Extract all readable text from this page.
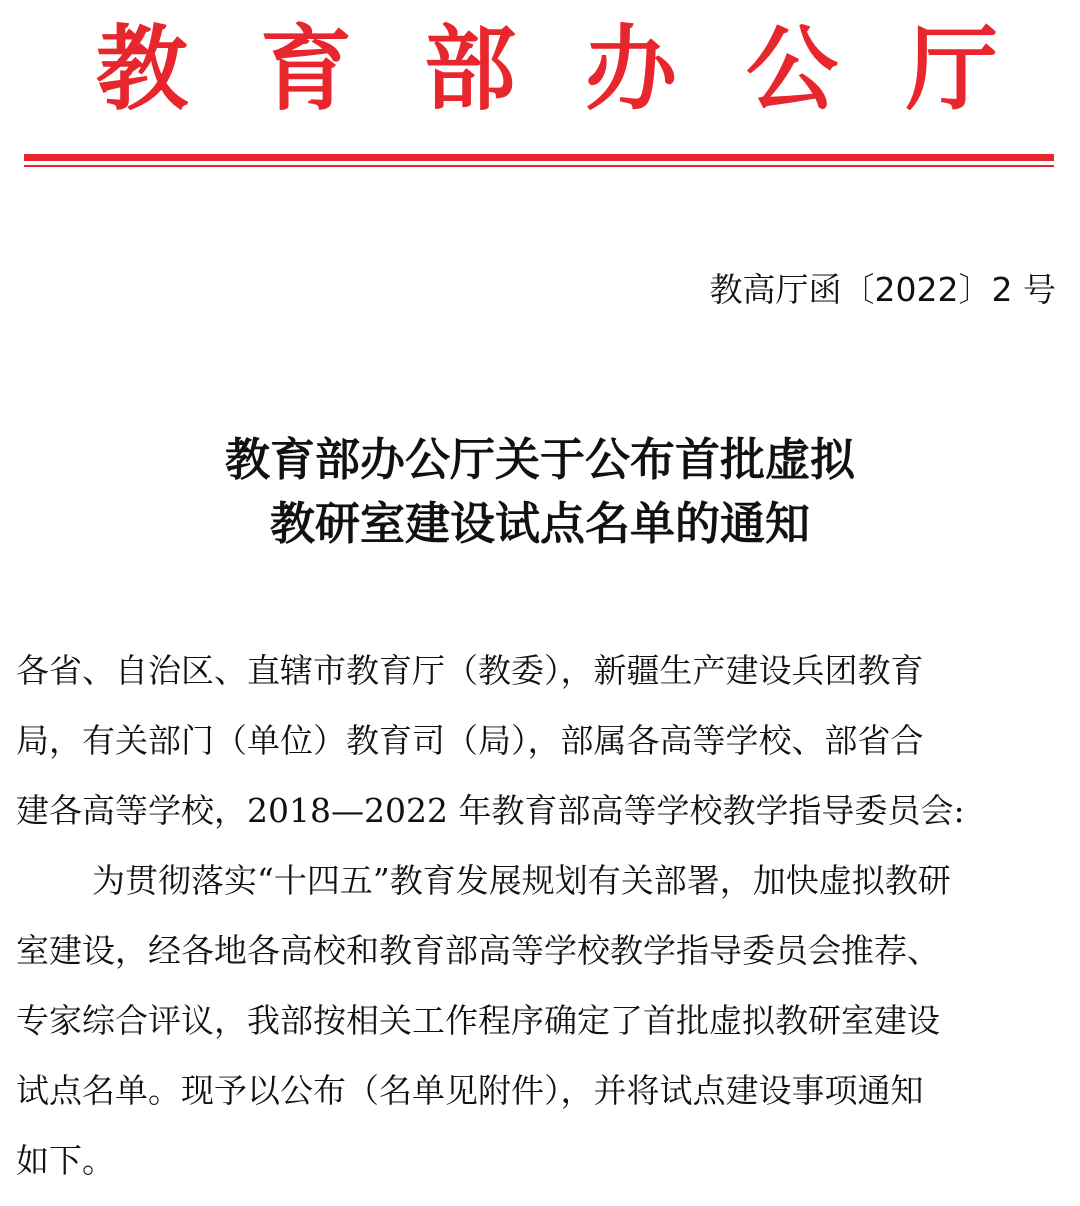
教 育 部 办 公 厅
教高厅函〔2022〕2 号
教育部办公厅关于公布首批虚拟
教研室建设试点名单的通知
各省、自治区、直辖市教育厅（教委），新疆生产建设兵团教育
局，有关部门（单位）教育司（局），部属各高等学校、部省合
建各高等学校，2018—2022 年教育部高等学校教学指导委员会:
为贯彻落实“十四五”教育发展规划有关部署，加快虚拟教研
室建设，经各地各高校和教育部高等学校教学指导委员会推荐、
专家综合评议，我部按相关工作程序确定了首批虚拟教研室建设
试点名单。现予以公布（名单见附件），并将试点建设事项通知
如下。
